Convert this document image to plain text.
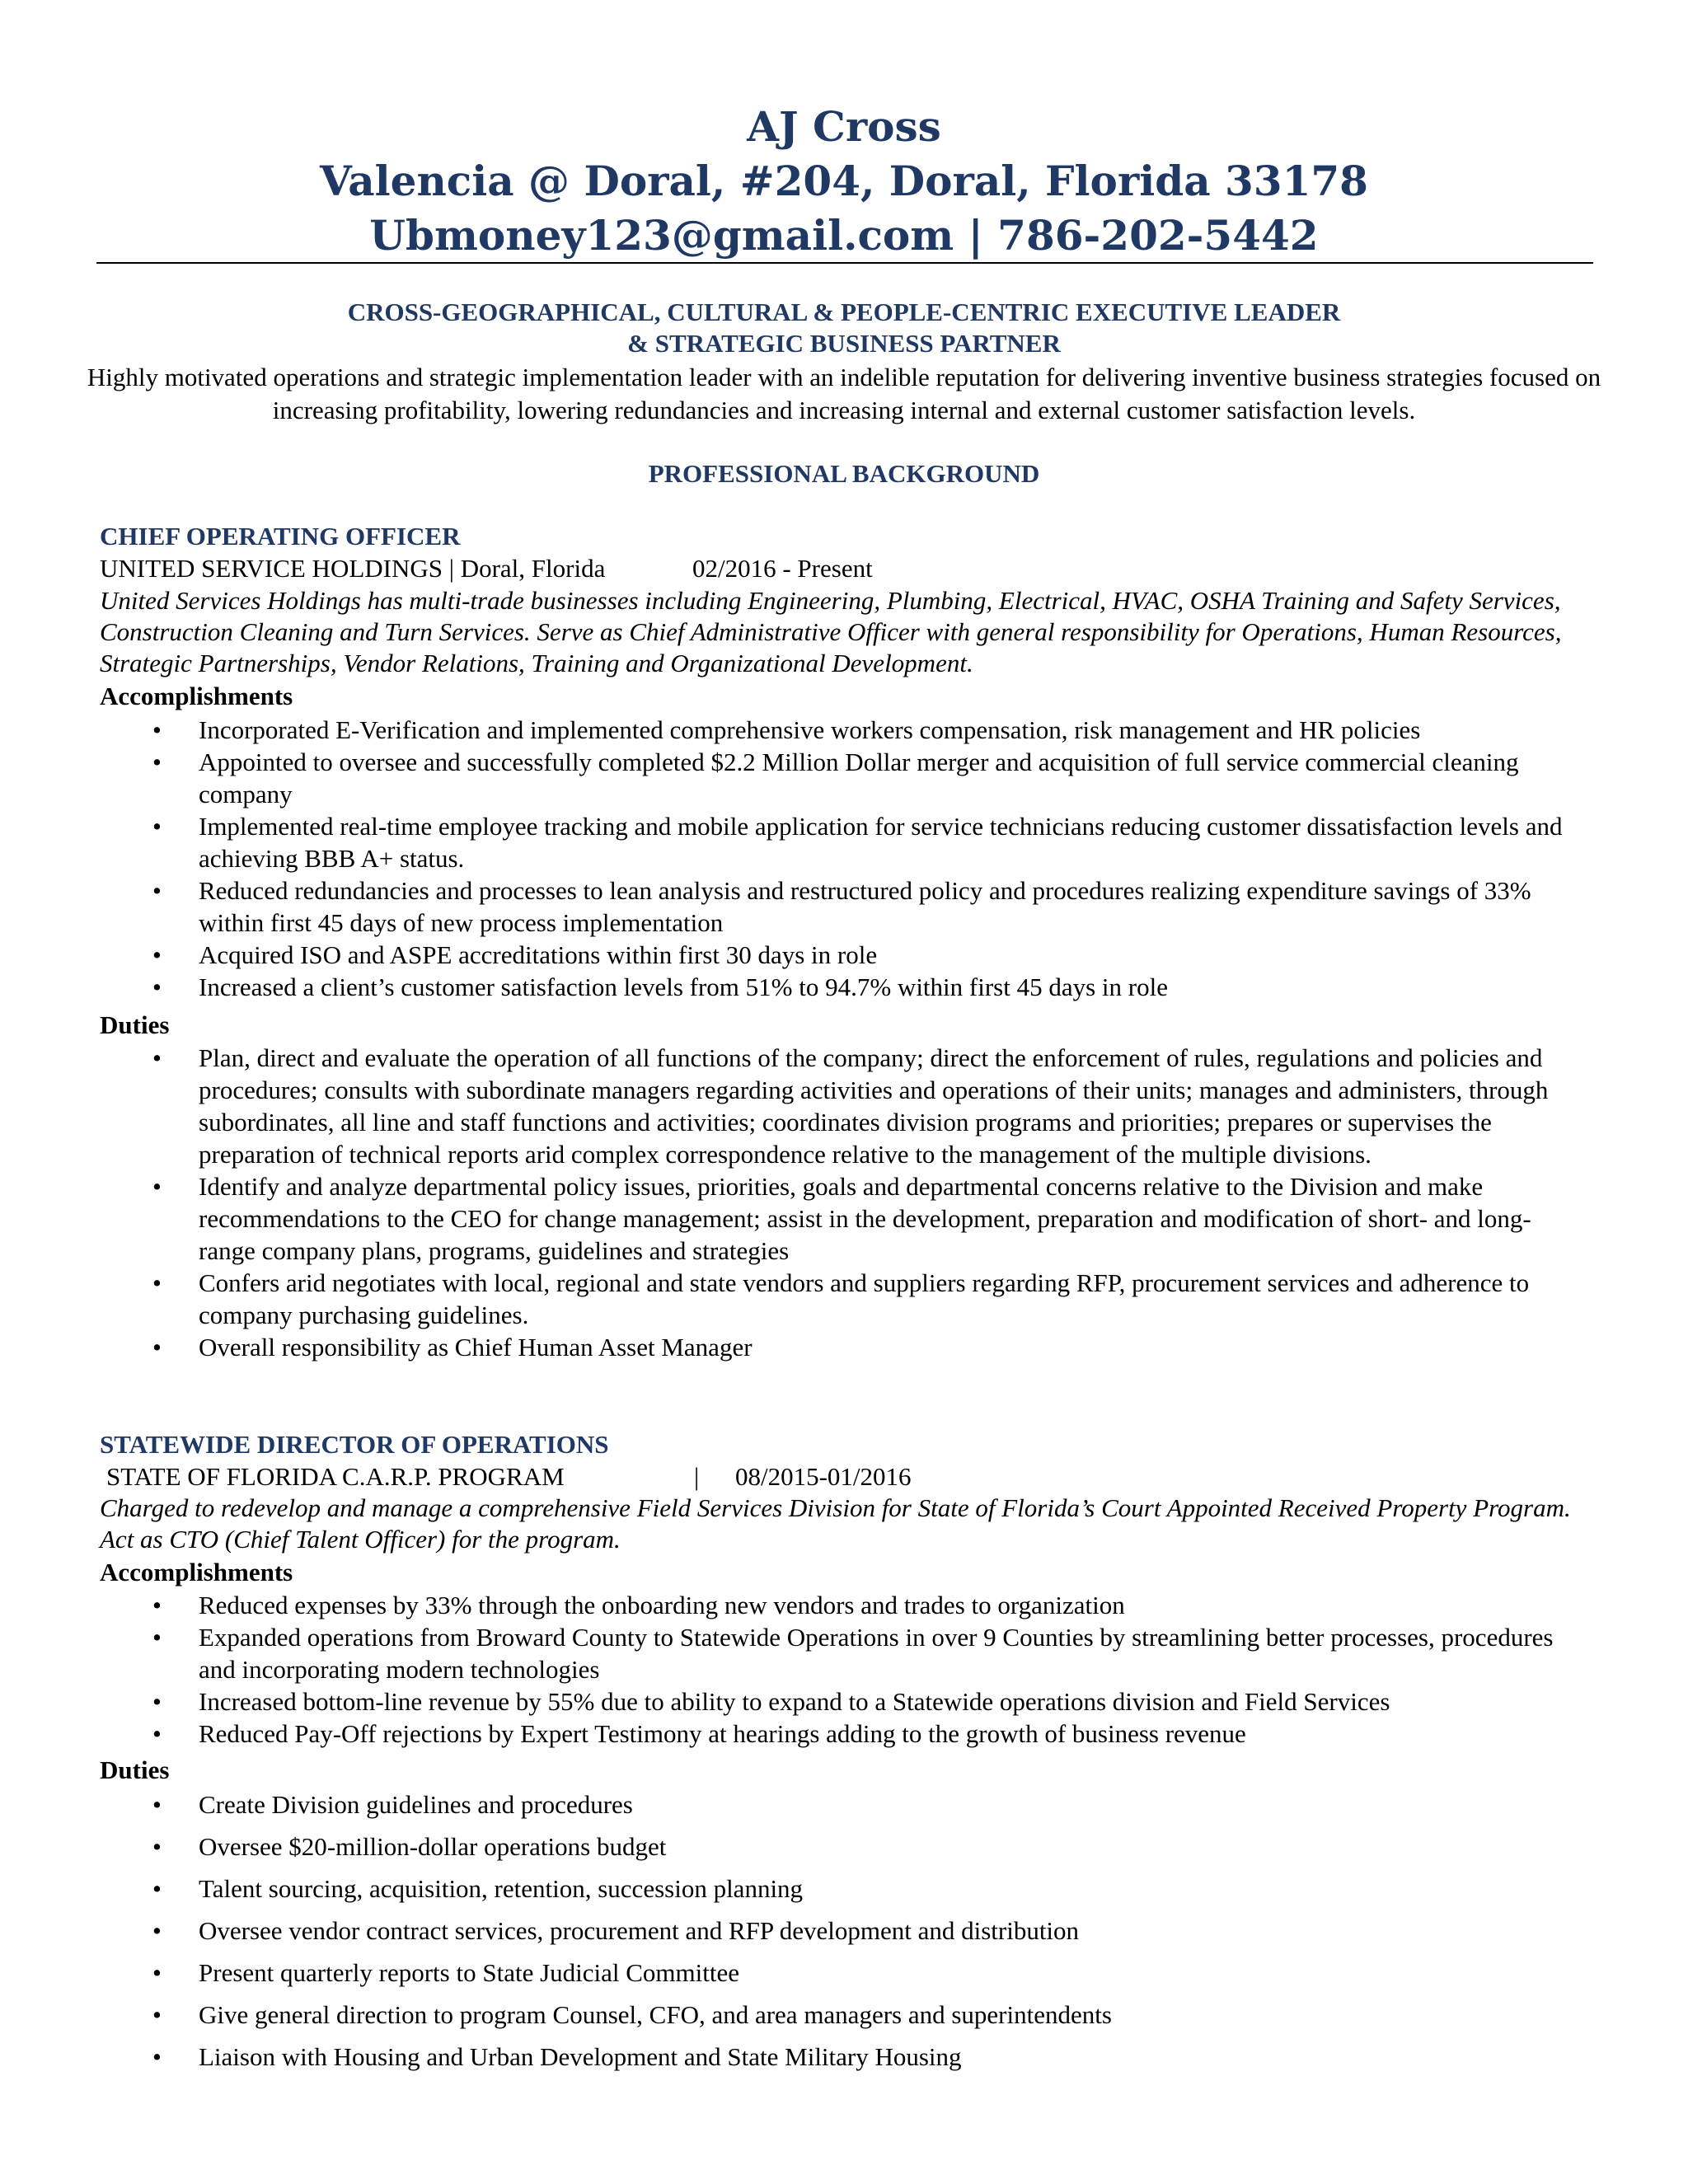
AJ Cross
Valencia @ Doral, #204, Doral, Florida 33178
Ubmoney123@gmail.com | 786-202-5442
CROSS-GEOGRAPHICAL, CULTURAL & PEOPLE-CENTRIC EXECUTIVE LEADER
& STRATEGIC BUSINESS PARTNER
Highly motivated operations and strategic implementation leader with an indelible reputation for delivering inventive business strategies focused on increasing profitability, lowering redundancies and increasing internal and external customer satisfaction levels.
PROFESSIONAL BACKGROUND
CHIEF OPERATING OFFICER
UNITED SERVICE HOLDINGS | Doral, Florida	02/2016 - Present
United Services Holdings has multi-trade businesses including Engineering, Plumbing, Electrical, HVAC, OSHA Training and Safety Services, Construction Cleaning and Turn Services. Serve as Chief Administrative Officer with general responsibility for Operations, Human Resources, Strategic Partnerships, Vendor Relations, Training and Organizational Development.
Accomplishments
• Incorporated E-Verification and implemented comprehensive workers compensation, risk management and HR policies
• Appointed to oversee and successfully completed $2.2 Million Dollar merger and acquisition of full service commercial cleaning company
• Implemented real-time employee tracking and mobile application for service technicians reducing customer dissatisfaction levels and achieving BBB A+ status.
• Reduced redundancies and processes to lean analysis and restructured policy and procedures realizing expenditure savings of 33% within first 45 days of new process implementation
• Acquired ISO and ASPE accreditations within first 30 days in role
• Increased a client’s customer satisfaction levels from 51% to 94.7% within first 45 days in role
Duties
• Plan, direct and evaluate the operation of all functions of the company; direct the enforcement of rules, regulations and policies and procedures; consults with subordinate managers regarding activities and operations of their units; manages and administers, through subordinates, all line and staff functions and activities; coordinates division programs and priorities; prepares or supervises the preparation of technical reports arid complex correspondence relative to the management of the multiple divisions.
• Identify and analyze departmental policy issues, priorities, goals and departmental concerns relative to the Division and make recommendations to the CEO for change management; assist in the development, preparation and modification of short- and long- range company plans, programs, guidelines and strategies
• Confers arid negotiates with local, regional and state vendors and suppliers regarding RFP, procurement services and adherence to company purchasing guidelines.
• Overall responsibility as Chief Human Asset Manager
STATEWIDE DIRECTOR OF OPERATIONS
STATE OF FLORIDA C.A.R.P. PROGRAM	| 08/2015-01/2016
Charged to redevelop and manage a comprehensive Field Services Division for State of Florida’s Court Appointed Received Property Program. Act as CTO (Chief Talent Officer) for the program.
Accomplishments
• Reduced expenses by 33% through the onboarding new vendors and trades to organization
• Expanded operations from Broward County to Statewide Operations in over 9 Counties by streamlining better processes, procedures and incorporating modern technologies
• Increased bottom-line revenue by 55% due to ability to expand to a Statewide operations division and Field Services
• Reduced Pay-Off rejections by Expert Testimony at hearings adding to the growth of business revenue
Duties
• Create Division guidelines and procedures
• Oversee $20-million-dollar operations budget
• Talent sourcing, acquisition, retention, succession planning
• Oversee vendor contract services, procurement and RFP development and distribution
• Present quarterly reports to State Judicial Committee
• Give general direction to program Counsel, CFO, and area managers and superintendents
• Liaison with Housing and Urban Development and State Military Housing
